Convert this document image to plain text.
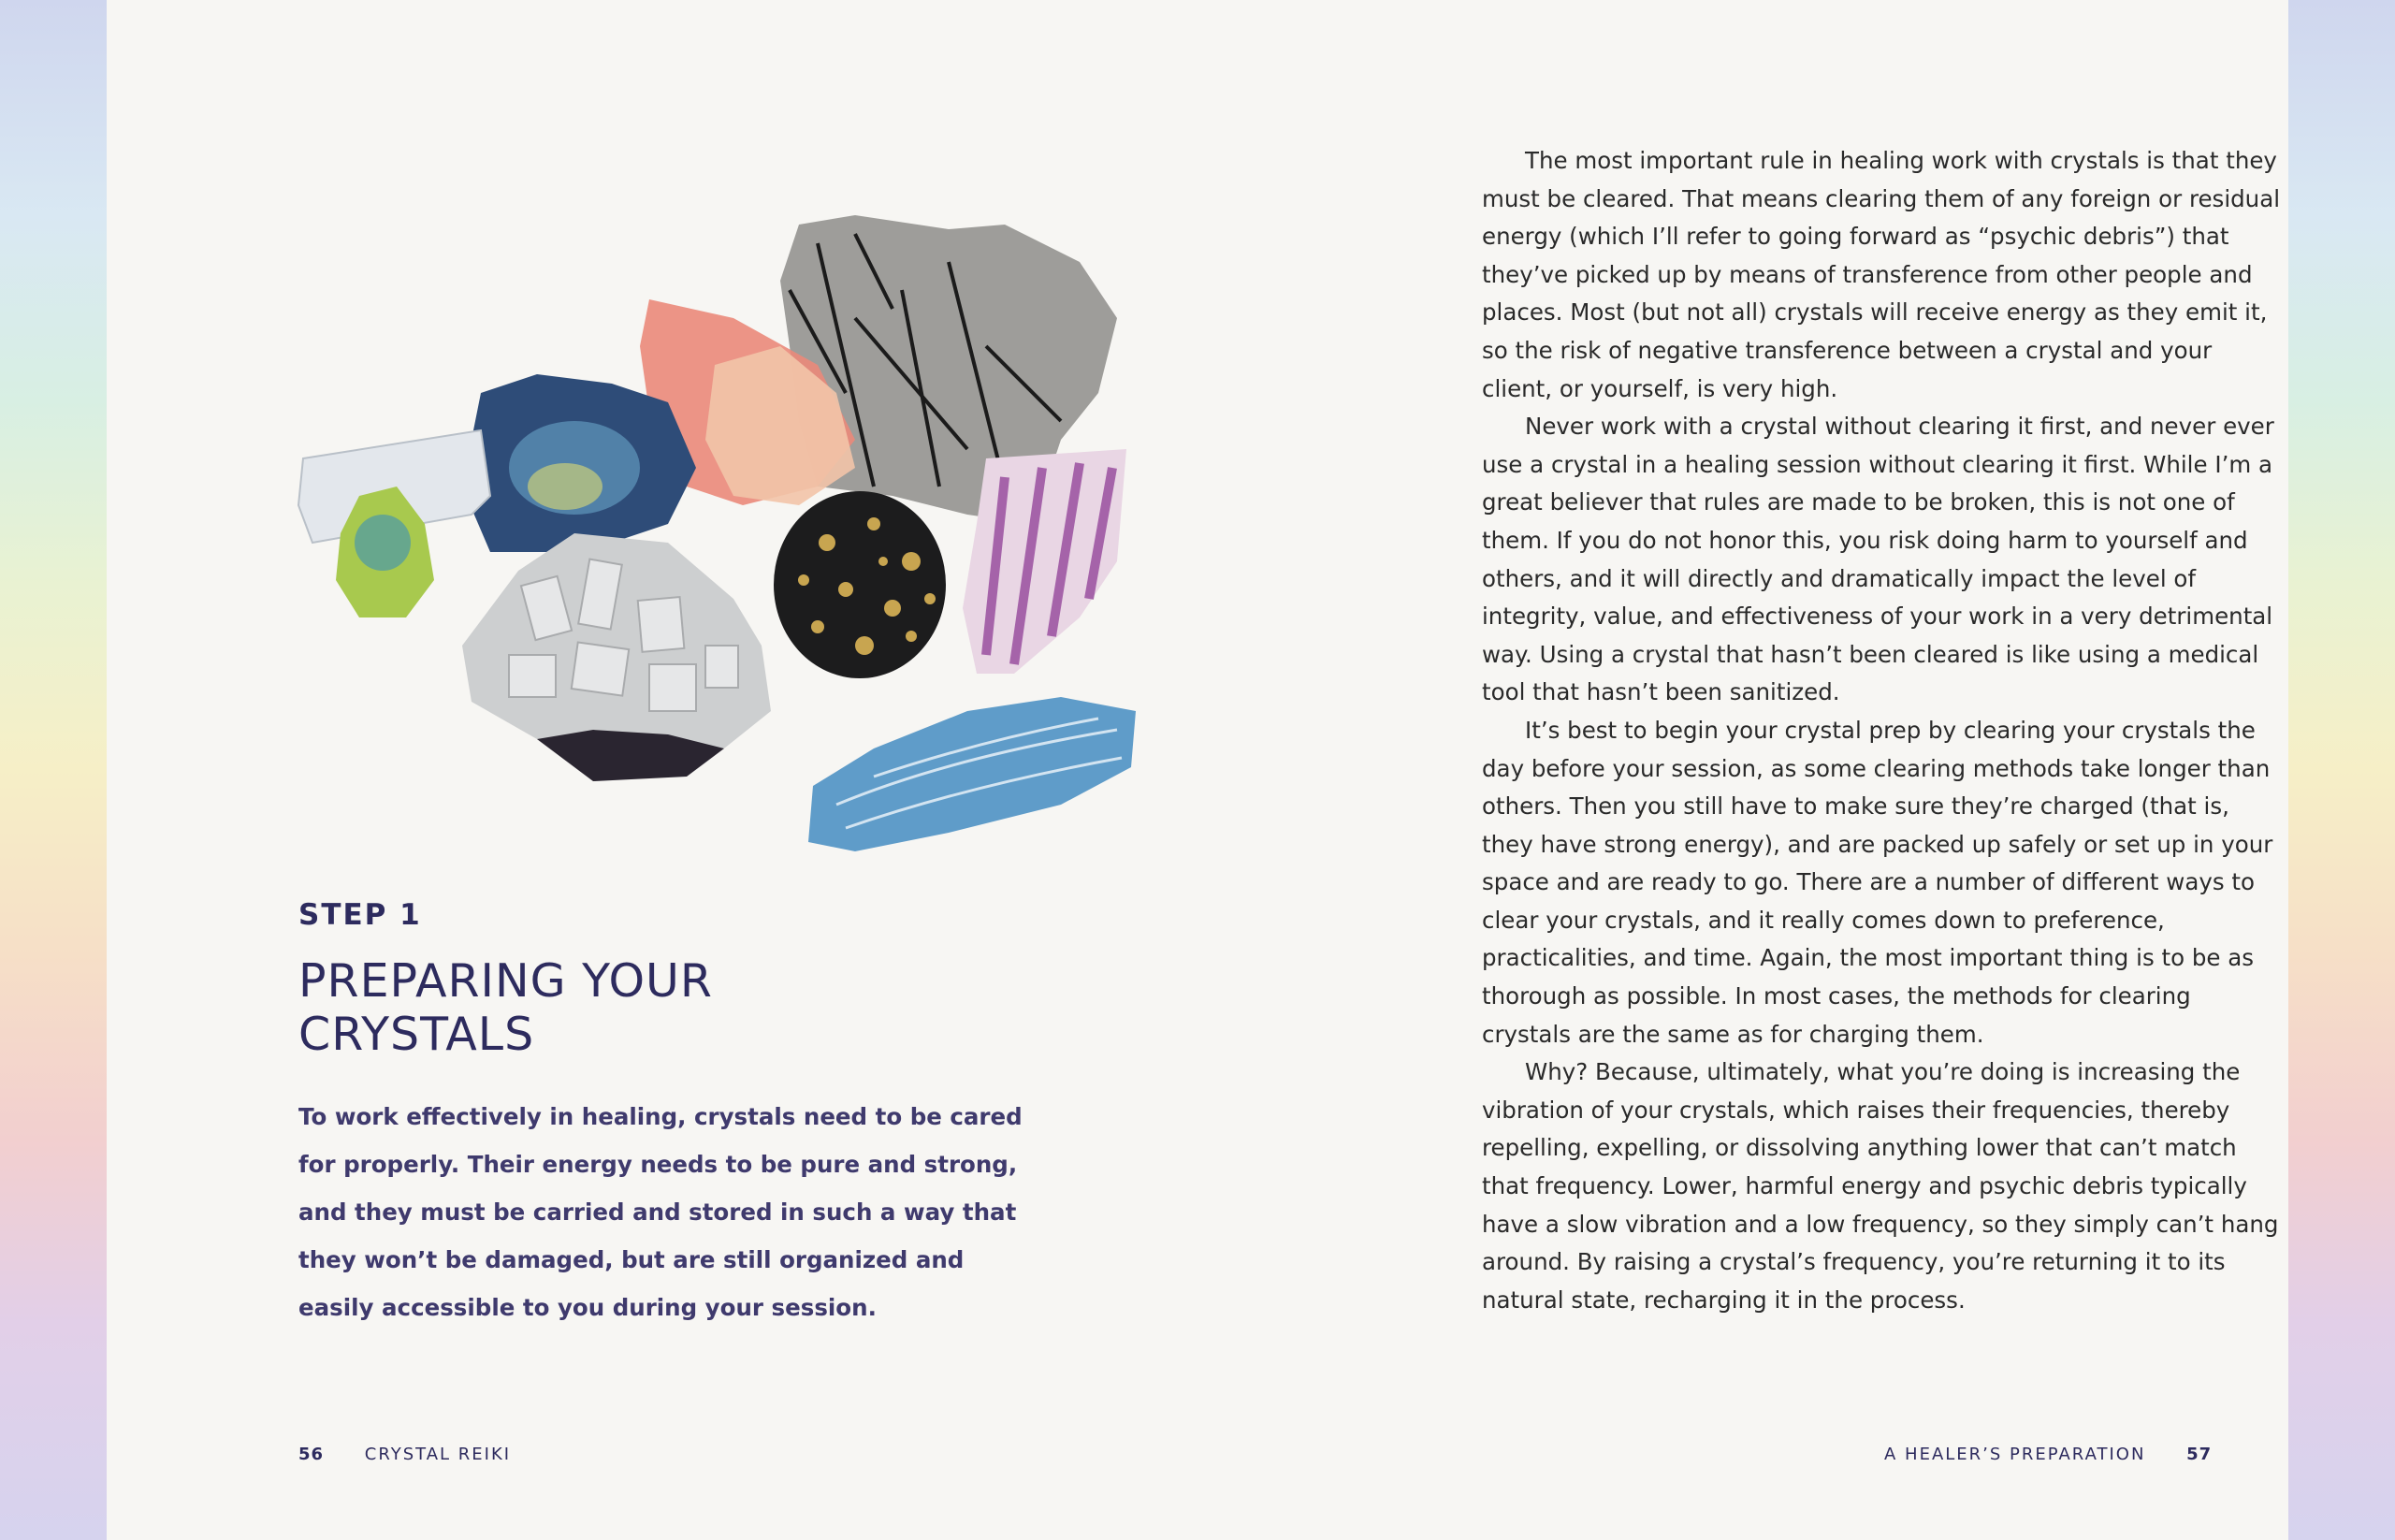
STEP 1
PREPARING YOUR
CRYSTALS

To work effectively in healing, crystals need to be cared for properly. Their energy needs to be pure and strong, and they must be carried and stored in such a way that they won’t be damaged, but are still organized and easily accessible to you during your session.

The most important rule in healing work with crystals is that they must be cleared. That means clearing them of any foreign or residual energy (which I’ll refer to going forward as “psychic debris”) that they’ve picked up by means of transference from other people and places. Most (but not all) crystals will receive energy as they emit it, so the risk of negative transference between a crystal and your client, or yourself, is very high.

Never work with a crystal without clearing it first, and never ever use a crystal in a healing session without clearing it first. While I’m a great believer that rules are made to be broken, this is not one of them. If you do not honor this, you risk doing harm to yourself and others, and it will directly and dramatically impact the level of integrity, value, and effectiveness of your work in a very detrimental way. Using a crystal that hasn’t been cleared is like using a medical tool that hasn’t been sanitized.

It’s best to begin your crystal prep by clearing your crystals the day before your session, as some clearing methods take longer than others. Then you still have to make sure they’re charged (that is, they have strong energy), and are packed up safely or set up in your space and are ready to go. There are a number of different ways to clear your crystals, and it really comes down to preference, practicalities, and time. Again, the most important thing is to be as thorough as possible. In most cases, the methods for clearing crystals are the same as for charging them.

Why? Because, ultimately, what you’re doing is increasing the vibration of your crystals, which raises their frequencies, thereby repelling, expelling, or dissolving anything lower that can’t match that frequency. Lower, harmful energy and psychic debris typically have a slow vibration and a low frequency, so they simply can’t hang around. By raising a crystal’s frequency, you’re returning it to its natural state, recharging it in the process.

56 CRYSTAL REIKI	A HEALER’S PREPARATION 57
